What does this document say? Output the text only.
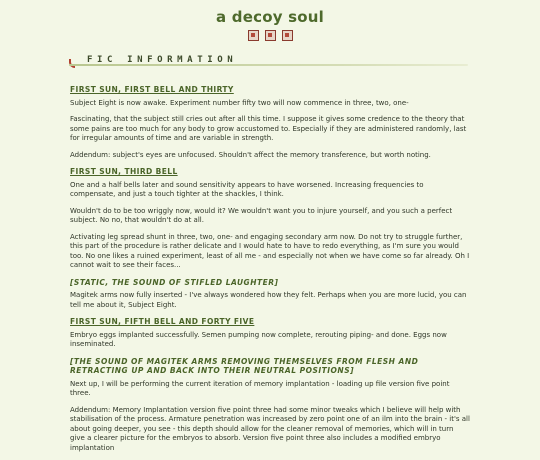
a decoy soul
FIC INFORMATION
FIRST SUN, FIRST BELL AND THIRTY
Subject Eight is now awake. Experiment number fifty two will now commence in three, two, one-
Fascinating, that the subject still cries out after all this time. I suppose it gives some credence to the theory that some pains are too much for any body to grow accustomed to. Especially if they are administered randomly, last for irregular amounts of time and are variable in strength.
Addendum: subject's eyes are unfocused. Shouldn't affect the memory transference, but worth noting.
FIRST SUN, THIRD BELL
One and a half bells later and sound sensitivity appears to have worsened. Increasing frequencies to compensate, and just a touch tighter at the shackles, I think.
Wouldn't do to be too wriggly now, would it? We wouldn't want you to injure yourself, and you such a perfect subject. No no, that wouldn't do at all.
Activating leg spread shunt in three, two, one- and engaging secondary arm now. Do not try to struggle further, this part of the procedure is rather delicate and I would hate to have to redo everything, as I'm sure you would too. No one likes a ruined experiment, least of all me - and especially not when we have come so far already. Oh I cannot wait to see their faces...
[STATIC, THE SOUND OF STIFLED LAUGHTER]
Magitek arms now fully inserted - I've always wondered how they felt. Perhaps when you are more lucid, you can tell me about it, Subject Eight.
FIRST SUN, FIFTH BELL AND FORTY FIVE
Embryo eggs implanted successfully. Semen pumping now complete, rerouting piping- and done. Eggs now inseminated.
[THE SOUND OF MAGITEK ARMS REMOVING THEMSELVES FROM FLESH AND RETRACTING UP AND BACK INTO THEIR NEUTRAL POSITIONS]
Next up, I will be performing the current iteration of memory implantation - loading up file version five point three.
Addendum: Memory Implantation version five point three had some minor tweaks which I believe will help with stabilisation of the process. Armature penetration was increased by zero point one of an ilm into the brain - it's all about going deeper, you see - this depth should allow for the cleaner removal of memories, which will in turn give a clearer picture for the embryos to absorb. Version five point three also includes a modified embryo implantation
